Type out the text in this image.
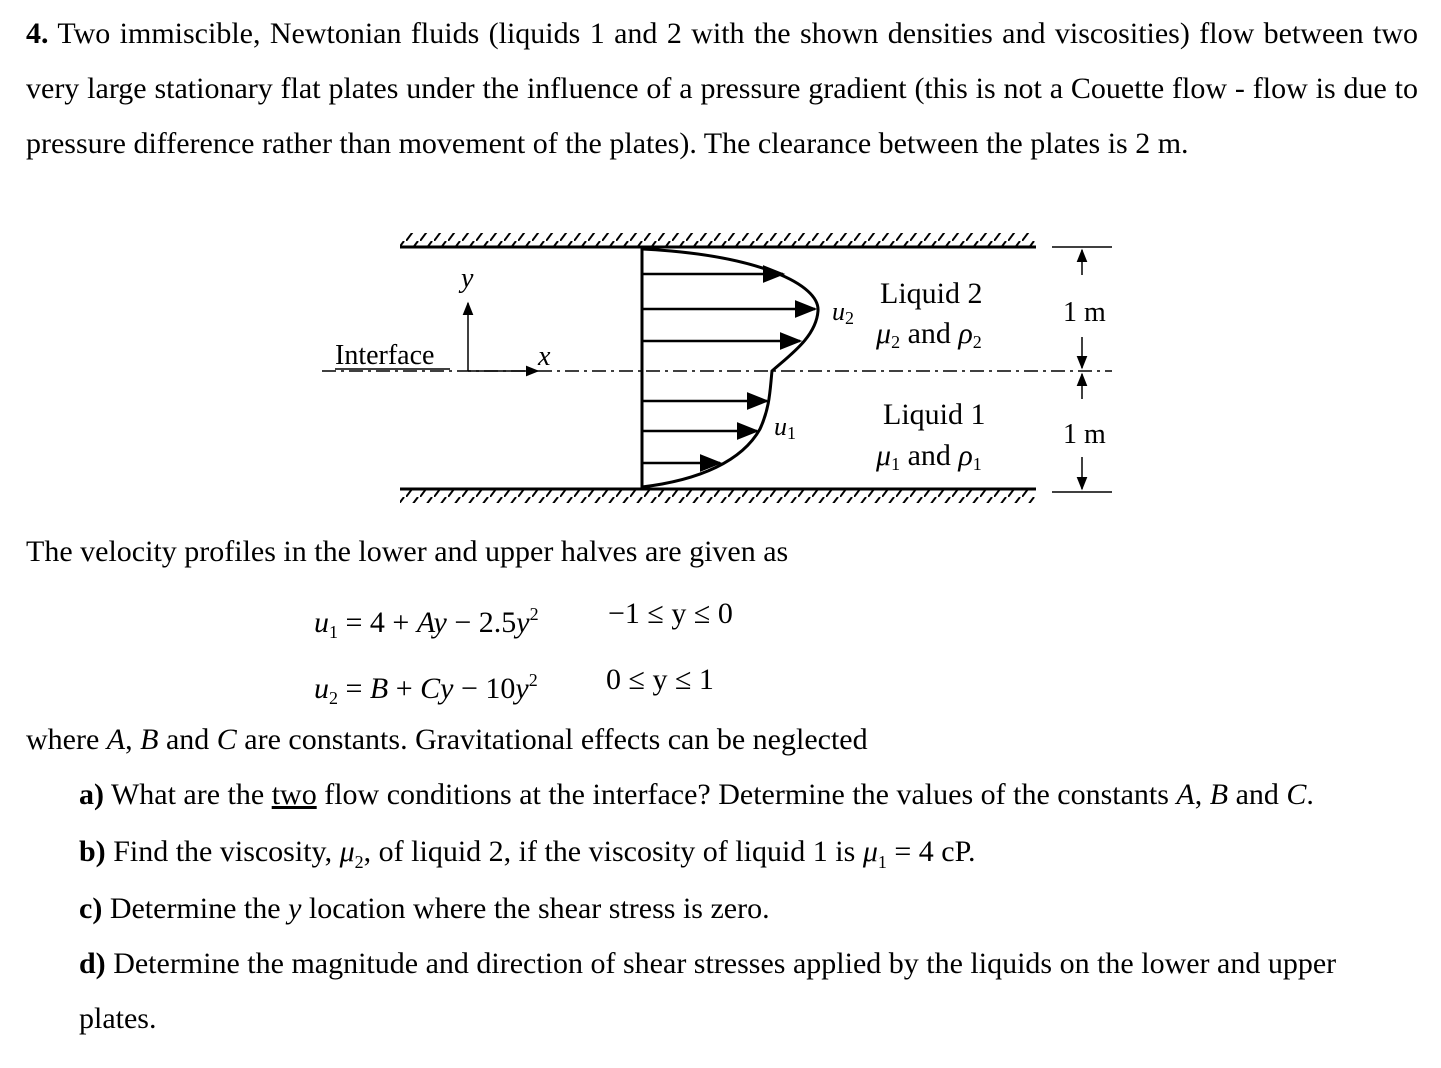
4. Two immiscible, Newtonian fluids (liquids 1 and 2 with the shown densities and viscosities) flow between two very large stationary flat plates under the influence of a pressure gradient (this is not a Couette flow - flow is due to pressure difference rather than movement of the plates). The clearance between the plates is 2 m.
Interface
y
x
u2
u1
Liquid 2
μ2 and ρ2
Liquid 1
μ1 and ρ1
1 m
1 m
The velocity profiles in the lower and upper halves are given as
$u_1 = 4 + Ay - 2.5y^2 -1 \le y \le 0$
$u_2 = B + Cy - 10y^2$ 0 ≤ y ≤ 1
where A, B and C are constants. Gravitational effects can be neglected
a) What are the two flow conditions at the interface? Determine the values of the constants A, B and C.
b) Find the viscosity, $\mu_2$, of liquid 2, if the viscosity of liquid 1 is $\mu_1 = 4$ cP.
c) Determine the y location where the shear stress is zero.
d) Determine the magnitude and direction of shear stresses applied by the liquids on the lower and upper
plates.
